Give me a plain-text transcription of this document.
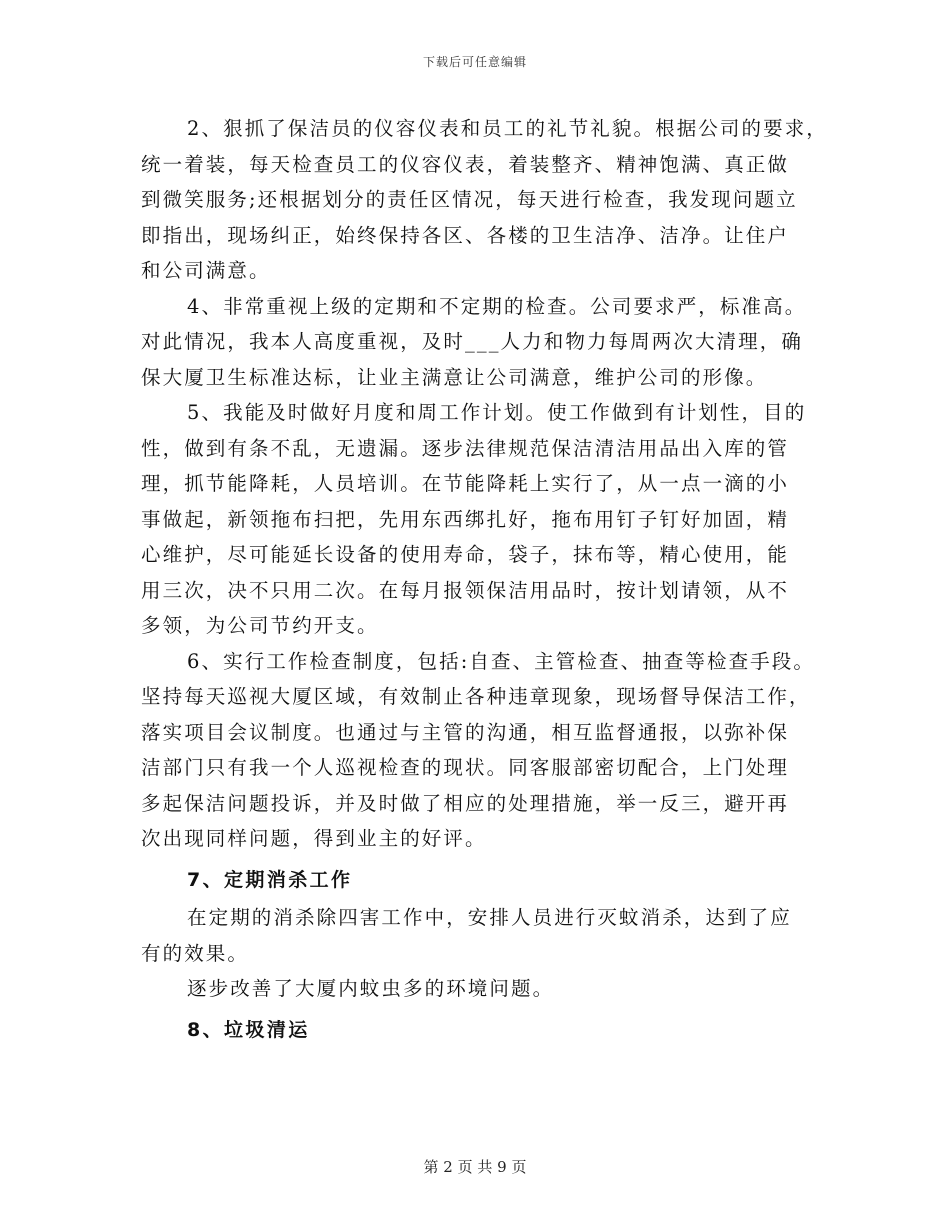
下载后可任意编辑
2、狠抓了保洁员的仪容仪表和员工的礼节礼貌。根据公司的要求，
统一着装，每天检查员工的仪容仪表，着装整齐、精神饱满、真正做
到微笑服务;还根据划分的责任区情况，每天进行检查，我发现问题立
即指出，现场纠正，始终保持各区、各楼的卫生洁净、洁净。让住户
和公司满意。
4、非常重视上级的定期和不定期的检查。公司要求严，标准高。
对此情况，我本人高度重视，及时___人力和物力每周两次大清理，确
保大厦卫生标准达标，让业主满意让公司满意，维护公司的形像。
5、我能及时做好月度和周工作计划。使工作做到有计划性，目的
性，做到有条不乱，无遗漏。逐步法律规范保洁清洁用品出入库的管
理，抓节能降耗，人员培训。在节能降耗上实行了，从一点一滴的小
事做起，新领拖布扫把，先用东西绑扎好，拖布用钉子钉好加固，精
心维护，尽可能延长设备的使用寿命，袋子，抹布等，精心使用，能
用三次，决不只用二次。在每月报领保洁用品时，按计划请领，从不
多领，为公司节约开支。
6、实行工作检查制度，包括:自查、主管检查、抽查等检查手段。
坚持每天巡视大厦区域，有效制止各种违章现象，现场督导保洁工作，
落实项目会议制度。也通过与主管的沟通，相互监督通报，以弥补保
洁部门只有我一个人巡视检查的现状。同客服部密切配合，上门处理
多起保洁问题投诉，并及时做了相应的处理措施，举一反三，避开再
次出现同样问题，得到业主的好评。
7、定期消杀工作
在定期的消杀除四害工作中，安排人员进行灭蚊消杀，达到了应
有的效果。
逐步改善了大厦内蚊虫多的环境问题。
8、垃圾清运
第 2 页 共 9 页
